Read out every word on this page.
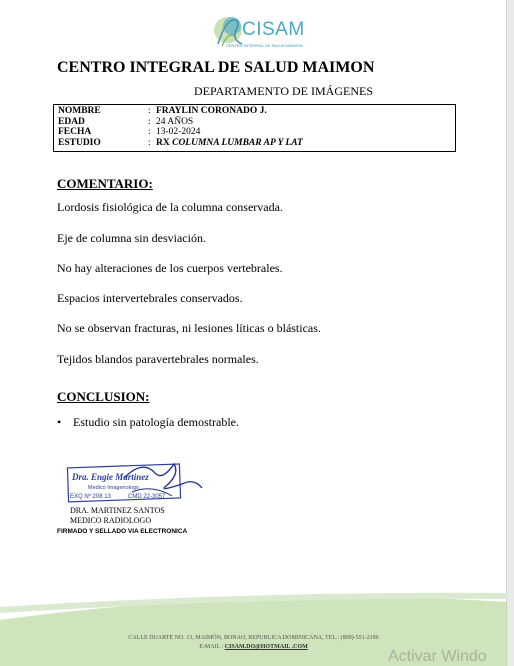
CISAM
CENTRO INTEGRAL DE SALUD MAIMON
CENTRO INTEGRAL DE SALUD MAIMON
DEPARTAMENTO DE IMÁGENES
NOMBRE	: FRAYLIN CORONADO J.
EDAD	: 24 AÑOS
FECHA	: 13-02-2024
ESTUDIO	: RX COLUMNA LUMBAR AP Y LAT
COMENTARIO:
Lordosis fisiológica de la columna conservada.
Eje de columna sin desviación.
No hay alteraciones de los cuerpos vertebrales.
Espacios intervertebrales conservados.
No se observan fracturas, ni lesiones líticas o blásticas.
Tejidos blandos paravertebrales normales.
CONCLUSION:
• Estudio sin patología demostrable.
Dra. Engie Martinez
Medico Imagenologo
EXQ Nº 208 13	CMD 22-3057
DRA. MARTINEZ SANTOS
MEDICO RADIOLOGO
FIRMADO Y SELLADO VIA ELECTRONICA
CALLE DUARTE NO. 13, MAIMÓN, BONAO, REPUBLICA DOMINICANA, TEL.: (809)-551-2196
E-MAIL : CISAM.DO@HOTMAIL .COM
Activar Windo
